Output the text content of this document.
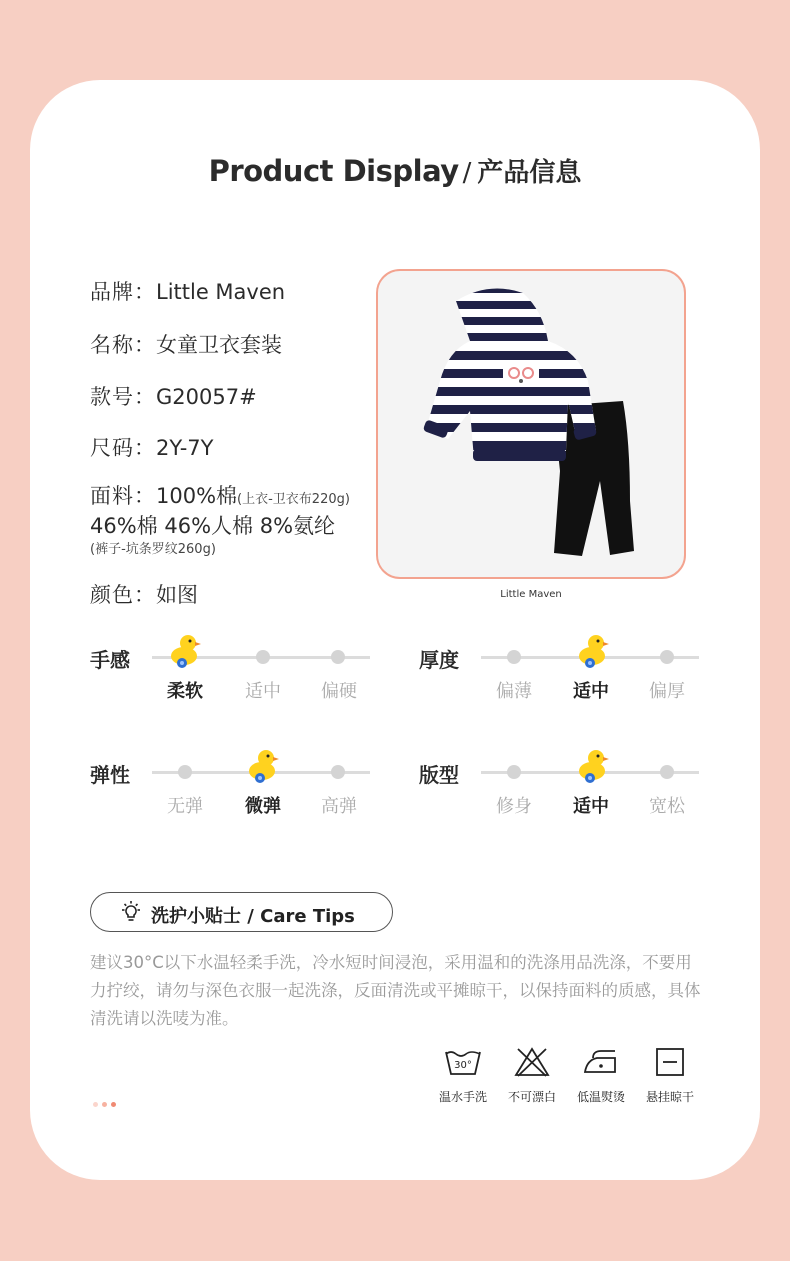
Product Display / 产品信息
品牌：Little Maven
名称：女童卫衣套装
款号：G20057#
尺码：2Y-7Y
面料：100%棉(上衣-卫衣布220g)
46%棉 46%人棉 8%氨纶
(裤子-坑条罗纹260g)
颜色：如图	Little Maven
手感
柔软	适中	偏硬
厚度
偏薄	适中	偏厚
弹性
无弹	微弹	高弹
版型
修身	适中	宽松
洗护小贴士 / Care Tips
建议30°C以下水温轻柔手洗，冷水短时间浸泡，采用温和的洗涤用品洗涤，不要用力拧绞，请勿与深色衣服一起洗涤，反面清洗或平摊晾干，以保持面料的质感，具体清洗请以洗唛为准。
30°
温水手洗	不可漂白	低温熨烫	悬挂晾干
